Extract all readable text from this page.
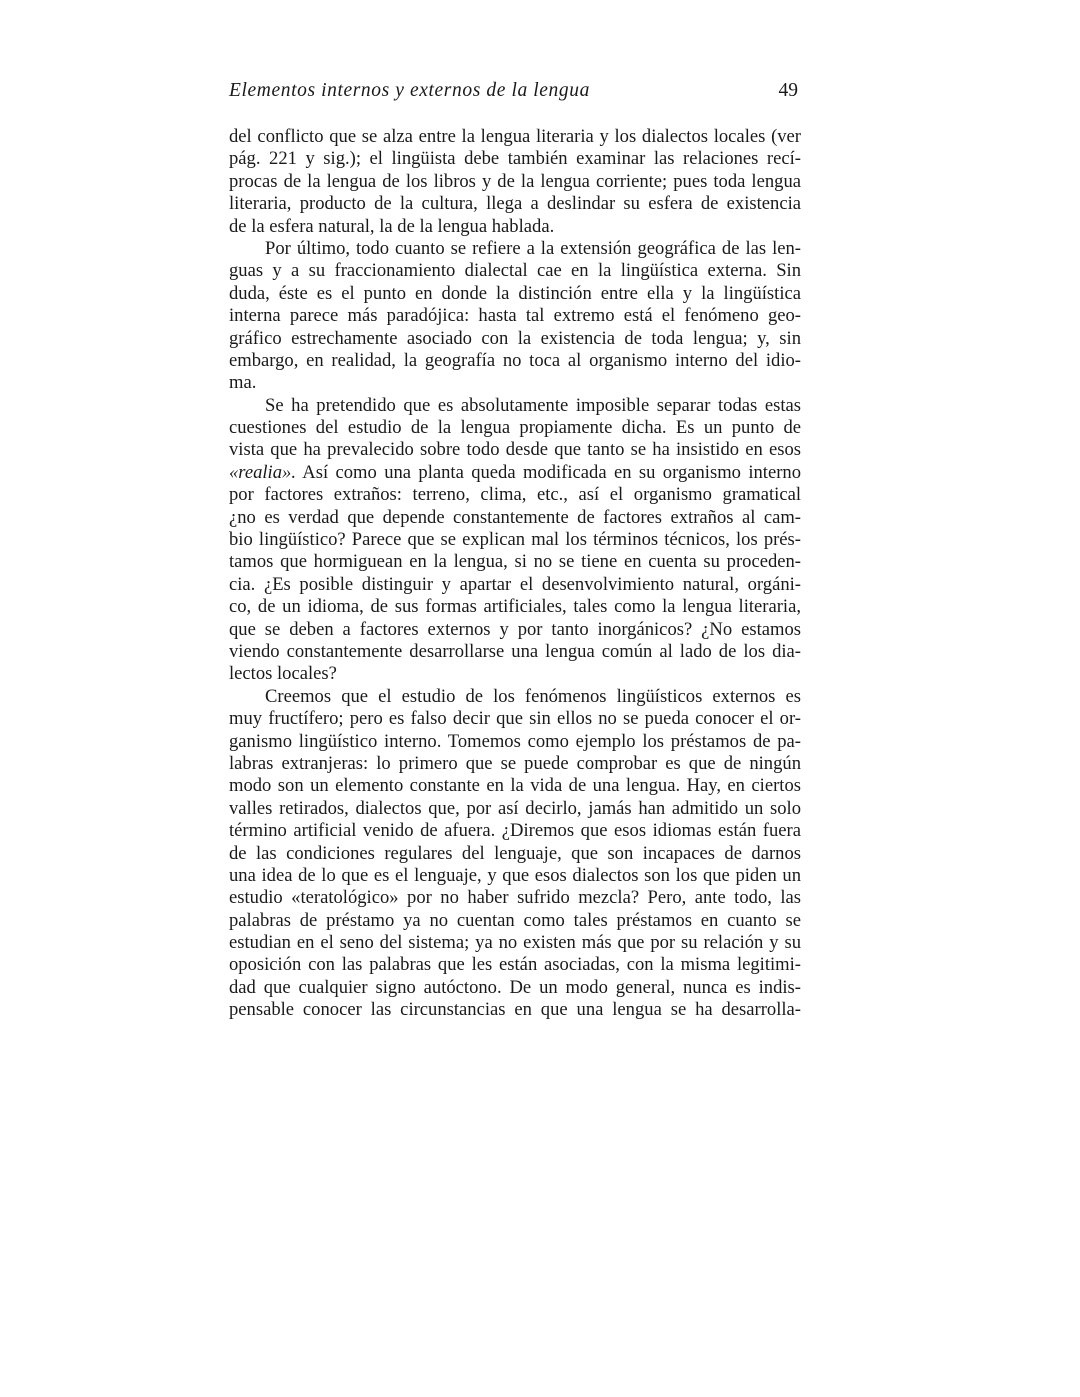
Elementos internos y externos de la lengua	49
del conflicto que se alza entre la lengua literaria y los dialectos locales (ver
pág. 221 y sig.); el lingüista debe también examinar las relaciones recí-
procas de la lengua de los libros y de la lengua corriente; pues toda lengua
literaria, producto de la cultura, llega a deslindar su esfera de existencia
de la esfera natural, la de la lengua hablada.
Por último, todo cuanto se refiere a la extensión geográfica de las len-
guas y a su fraccionamiento dialectal cae en la lingüística externa. Sin
duda, éste es el punto en donde la distinción entre ella y la lingüística
interna parece más paradójica: hasta tal extremo está el fenómeno geo-
gráfico estrechamente asociado con la existencia de toda lengua; y, sin
embargo, en realidad, la geografía no toca al organismo interno del idio-
ma.
Se ha pretendido que es absolutamente imposible separar todas estas
cuestiones del estudio de la lengua propiamente dicha. Es un punto de
vista que ha prevalecido sobre todo desde que tanto se ha insistido en esos
«realia». Así como una planta queda modificada en su organismo interno
por factores extraños: terreno, clima, etc., así el organismo gramatical
¿no es verdad que depende constantemente de factores extraños al cam-
bio lingüístico? Parece que se explican mal los términos técnicos, los prés-
tamos que hormiguean en la lengua, si no se tiene en cuenta su proceden-
cia. ¿Es posible distinguir y apartar el desenvolvimiento natural, orgáni-
co, de un idioma, de sus formas artificiales, tales como la lengua literaria,
que se deben a factores externos y por tanto inorgánicos? ¿No estamos
viendo constantemente desarrollarse una lengua común al lado de los dia-
lectos locales?
Creemos que el estudio de los fenómenos lingüísticos externos es
muy fructífero; pero es falso decir que sin ellos no se pueda conocer el or-
ganismo lingüístico interno. Tomemos como ejemplo los préstamos de pa-
labras extranjeras: lo primero que se puede comprobar es que de ningún
modo son un elemento constante en la vida de una lengua. Hay, en ciertos
valles retirados, dialectos que, por así decirlo, jamás han admitido un solo
término artificial venido de afuera. ¿Diremos que esos idiomas están fuera
de las condiciones regulares del lenguaje, que son incapaces de darnos
una idea de lo que es el lenguaje, y que esos dialectos son los que piden un
estudio «teratológico» por no haber sufrido mezcla? Pero, ante todo, las
palabras de préstamo ya no cuentan como tales préstamos en cuanto se
estudian en el seno del sistema; ya no existen más que por su relación y su
oposición con las palabras que les están asociadas, con la misma legitimi-
dad que cualquier signo autóctono. De un modo general, nunca es indis-
pensable conocer las circunstancias en que una lengua se ha desarrolla-
